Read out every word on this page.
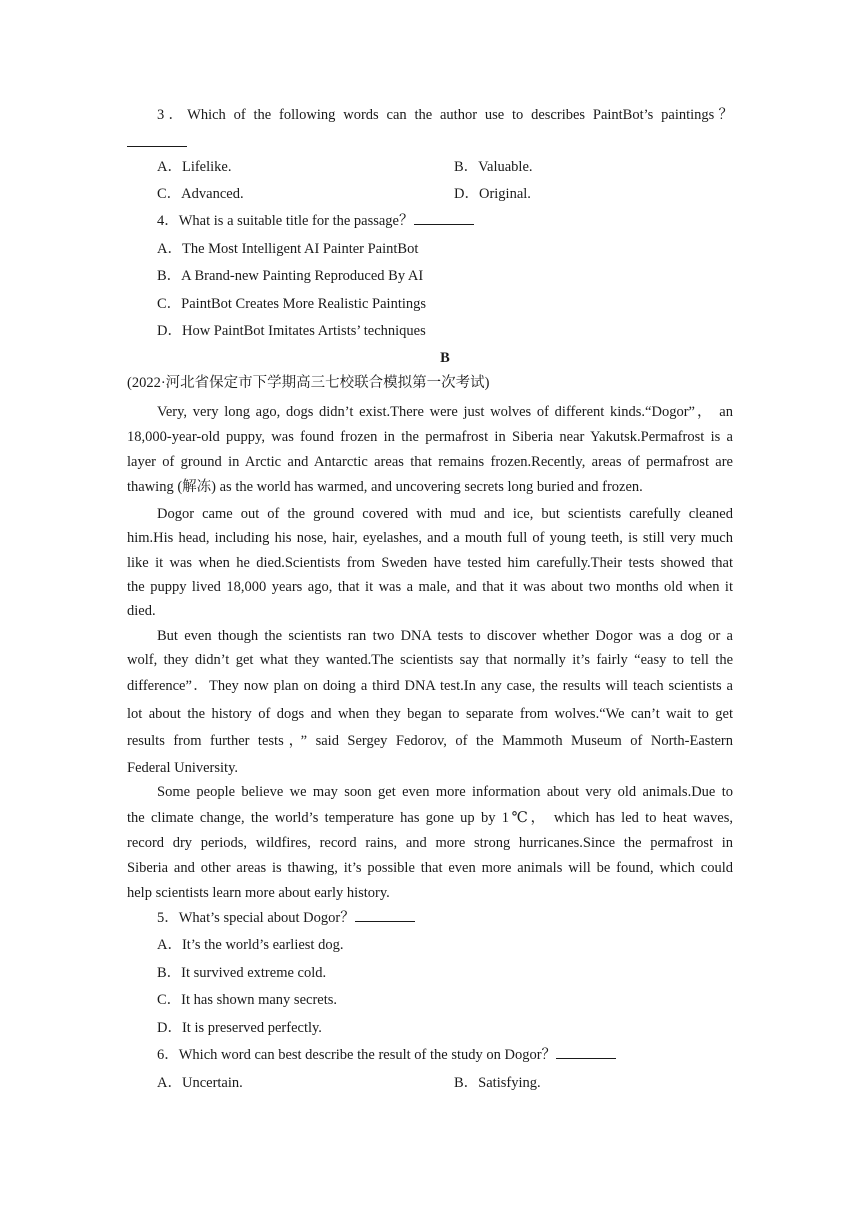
3．Which of the following words can the author use to describes PaintBot’s paintings？
A．Lifelike.	B．Valuable.
C．Advanced.	D．Original.
4．What is a suitable title for the passage？
A．The Most Intelligent AI Painter PaintBot
B．A Brand-new Painting Reproduced By AI
C．PaintBot Creates More Realistic Paintings
D．How PaintBot Imitates Artists’ techniques
B
(2022·河北省保定市下学期高三七校联合模拟第一次考试)
Very, very long ago, dogs didn’t exist.There were just wolves of different kinds.“Dogor”， an
18,000-year-old puppy, was found frozen in the permafrost in Siberia near Yakutsk.Permafrost is a
layer of ground in Arctic and Antarctic areas that remains frozen.Recently, areas of permafrost are
thawing (解冻) as the world has warmed, and uncovering secrets long buried and frozen.
Dogor came out of the ground covered with mud and ice, but scientists carefully cleaned
him.His head, including his nose, hair, eyelashes, and a mouth full of young teeth, is still very much
like it was when he died.Scientists from Sweden have tested him carefully.Their tests showed that
the puppy lived 18,000 years ago, that it was a male, and that it was about two months old when it
died.
But even though the scientists ran two DNA tests to discover whether Dogor was a dog or a
wolf, they didn’t get what they wanted.The scientists say that normally it’s fairly “easy to tell the
difference”．They now plan on doing a third DNA test.In any case, the results will teach scientists a
lot about the history of dogs and when they began to separate from wolves.“We can’t wait to get
results from further tests，” said Sergey Fedorov, of the Mammoth Museum of North-Eastern
Federal University.
Some people believe we may soon get even more information about very old animals.Due to
the climate change, the world’s temperature has gone up by 1℃， which has led to heat waves,
record dry periods, wildfires, record rains, and more strong hurricanes.Since the permafrost in
Siberia and other areas is thawing, it’s possible that even more animals will be found, which could
help scientists learn more about early history.
5．What’s special about Dogor？
A．It’s the world’s earliest dog.
B．It survived extreme cold.
C．It has shown many secrets.
D．It is preserved perfectly.
6．Which word can best describe the result of the study on Dogor？
A．Uncertain.	B．Satisfying.
